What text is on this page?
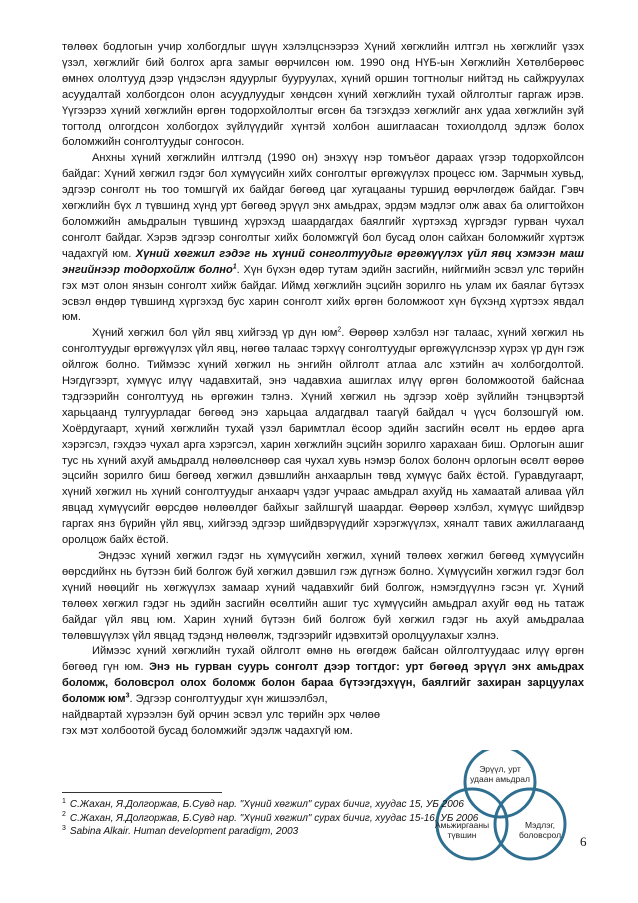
төлөөх бодлогын учир холбогдлыг шүүн хэлэлцснээрээ Хүний хөгжлийн илтгэл нь хөгжлийг үзэх үзэл, хөгжлийг бий болгох арга замыг өөрчилсөн юм. 1990 онд НҮБ-ын Хөгжлийн Хөтөлбөрөөс өмнөх ололтууд дээр үндэслэн ядуурлыг бууруулах, хүний оршин тогтнолыг нийтэд нь сайжруулах асуудалтай холбогдсон олон асуудлуудыг хөндсөн хүний хөгжлийн тухай ойлголтыг гаргаж ирэв. Үүгээрээ хүний хөгжлийн өргөн тодорхойлолтыг өгсөн ба тэгэхдээ хөгжлийг анх удаа хөгжлийн зүй тогтолд олгогдсон холбогдох зүйлүүдийг хүнтэй холбон ашиглаасан тохиолдолд эдлэж болох боломжийн сонголтуудыг сонгосон.

Анхны хүний хөгжлийн илтгэлд (1990 он) энэхүү нэр томъёог дараах үгээр тодорхойлсон байдаг: Хүний хөгжил гэдэг бол хүмүүсийн хийх сонголтыг өргөжүүлэх процесс юм. Зарчмын хувьд, эдгээр сонголт нь тоо томшгүй их байдаг бөгөөд цаг хугацааны туршид өөрчлөгдөж байдаг. Гэвч хөгжлийн бүх л түвшинд хүнд урт бөгөөд эрүүл энх амьдрах, эрдэм мэдлэг олж авах ба олигтойхон боломжийн амьдралын түвшинд хүрэхэд шаардагдах баялгийг хүртэхэд хүргэдэг гурван чухал сонголт байдаг. Хэрэв эдгээр сонголтыг хийх боломжгүй бол бусад олон сайхан боломжийг хүртэж чадахгүй юм. Хүний хөгжил гэдэг нь хүний сонголтуудыг өргөжүүлэх үйл явц хэмээн маш энгийнээр тодорхойлж болно$^1$. Хүн бүхэн өдөр тутам эдийн засгийн, нийгмийн эсвэл улс төрийн гэх мэт олон янзын сонголт хийж байдаг. Иймд хөгжлийн эцсийн зорилго нь улам их баялаг бүтээх эсвэл өндөр түвшинд хүргэхэд бус харин сонголт хийх өргөн боломжоот хүн бүхэнд хүртээх явдал юм.

Хүний хөгжил бол үйл явц хийгээд үр дүн $юм^2$. Өөрөөр хэлбэл нэг талаас, хүний хөгжил нь сонголтуудыг өргөжүүлэх үйл явц, нөгөө талаас тэрхүү сонголтуудыг өргөжүүлснээр хүрэх үр дүн гэж ойлгож болно. Тиймээс хүний хөгжил нь энгийн ойлголт атлаа алс хэтийн ач холбогдолтой. Нэгдүгээрт, хүмүүс илүү чадавхитай, энэ чадавхиа ашиглах илүү өргөн боломжоотой байснаа тэдгээрийн сонголтууд нь өргөжин тэлнэ. Хүний хөгжил нь эдгээр хоёр зүйлийн тэнцвэртэй харьцаанд тулгуурладаг бөгөөд энэ харьцаа алдагдвал таагүй байдал ч үүсч болзошгүй юм. Хоёрдугаарт, хүний хөгжлийн тухай үзэл баримтлал ёсоор эдийн засгийн өсөлт нь ердөө арга хэрэгсэл, гэхдээ чухал арга хэрэгсэл, харин хөгжлийн эцсийн зорилго харахаан биш. Орлогын ашиг тус нь хүний ахуй амьдралд нөлөөлснөөр сая чухал хувь нэмэр болох болонч орлогын өсөлт өөрөө эцсийн зорилго биш бөгөөд хөгжил дэвшлийн анхаарлын төвд хүмүүс байх ёстой. Гуравдугаарт, хүний хөгжил нь хүний сонголтуудыг анхаарч үздэг учраас амьдрал ахуйд нь хамаатай аливаа үйл явцад хүмүүсийг өөрсдөө нөлөөлдөг байхыг зайлшгүй шаардаг. Өөрөөр хэлбэл, хүмүүс шийдвэр гаргах янз бүрийн үйл явц, хийгээд эдгээр шийдвэрүүдийг хэрэгжүүлэх, хяналт тавих ажиллагаанд оролцож байх ёстой.

Эндээс хүний хөгжил гэдэг нь хүмүүсийн хөгжил, хүний төлөөх хөгжил бөгөөд хүмүүсийн өөрсдийнх нь бүтээн бий болгож буй хөгжил дэвшил гэж дүгнэж болно. Хүмүүсийн хөгжил гэдэг бол хүний нөөцийг нь хөгжүүлэх замаар хүний чадавхийг бий болгож, нэмэгдүүлнэ гэсэн үг. Хүний төлөөх хөгжил гэдэг нь эдийн засгийн өсөлтийн ашиг тус хүмүүсийн амьдрал ахуйг өөд нь татаж байдаг үйл явц юм. Харин хүний бүтээн бий болгож буй хөгжил гэдэг нь ахуй амьдралаа төлөвшүүлэх үйл явцад тэдэнд нөлөөлж, тэдгээрийг идэвхитэй оролцуулахыг хэлнэ.

Иймээс хүний хөгжлийн тухай ойлголт өмнө нь өгөгдөж байсан ойлголтуудаас илүү өргөн бөгөөд гүн юм. Энэ нь гурван суурь сонголт дээр тогтдог: урт бөгөөд эрүүл энх амьдрах боломж, боловсрол олох боломж болон бараа бүтээгдэхүүн, баялгийг захиран зарцуулах боломж $юм^3$. Эдгээр сонголтуудыг хүн жишээлбэл,

найдвартай хүрээлэн буй орчин эсвэл улс төрийн эрх чөлөө гэх мэт холбоотой бусад боломжийг эдэлж чадахгүй юм.

Эрүүл, урт
удаан амьдрал
Амьжиргааны
түвшин
Мэдлэг,
боловсрол
$^1$ С.Жахан, Я.Долгоржав, Б.Сувд нар. "Хүний хөгжил" сурах бичиг, хуудас 15, УБ 2006
$^2$ С.Жахан, Я.Долгоржав, Б.Сувд нар. "Хүний хөгжил" сурах бичиг, хуудас 15-16, УБ 2006
$^3$ Sabina Alkair. Human development paradigm, 2003
6
